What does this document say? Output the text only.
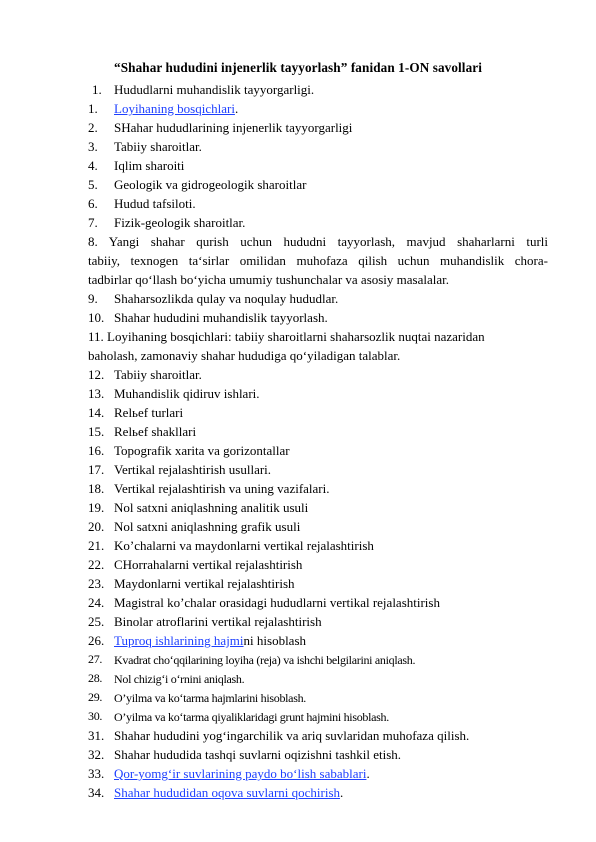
“Shahar hududini injenerlik tayyorlash” fanidan 1-ON savollari
1. Hududlarni muhandislik tayyorgarligi.
1.	Loyihaning bosqichlari.
2.	SHahar hududlarining injenerlik tayyorgarligi
3.	Tabiiy sharoitlar.
4.	Iqlim sharoiti
5.	Geologik va gidrogeologik sharoitlar
6.	Hudud tafsiloti.
7.	Fizik-geologik sharoitlar.
8. Yangi shahar qurish uchun hududni tayyorlash, mavjud shaharlarni turli
tabiiy, texnogen ta‘sirlar omilidan muhofaza qilish uchun muhandislik chora-
tadbirlar qo‘llash bo‘yicha umumiy tushunchalar va asosiy masalalar.
9.	Shaharsozlikda qulay va noqulay hududlar.
10. Shahar hududini muhandislik tayyorlash.
11. Loyihaning bosqichlari: tabiiy sharoitlarni shaharsozlik nuqtai nazaridan
baholash, zamonaviy shahar hududiga qo‘yiladigan talablar.
12. Tabiiy sharoitlar.
13. Muhandislik qidiruv ishlari.
14. Relьef turlari
15. Relьef shakllari
16. Topografik xarita va gorizontallar
17. Vertikal rejalashtirish usullari.
18. Vertikal rejalashtirish va uning vazifalari.
19. Nol satxni aniqlashning analitik usuli
20. Nol satxni aniqlashning grafik usuli
21. Ko’chalarni va maydonlarni vertikal rejalashtirish
22. CHorrahalarni vertikal rejalashtirish
23. Maydonlarni vertikal rejalashtirish
24. Magistral ko’chalar orasidagi hududlarni vertikal rejalashtirish
25. Binolar atroflarini vertikal rejalashtirish
26. Tuproq ishlarining hajmini hisoblash
27. Kvadrat cho‘qqilarining loyiha (reja) va ishchi belgilarini aniqlash.
28. Nol chizig‘i o‘rnini aniqlash.
29. O’yilma va ko‘tarma hajmlarini hisoblash.
30. O’yilma va ko‘tarma qiyaliklaridagi grunt hajmini hisoblash.
31. Shahar hududini yog‘ingarchilik va ariq suvlaridan muhofaza qilish.
32. Shahar hududida tashqi suvlarni oqizishni tashkil etish.
33. Qor-yomg‘ir suvlarining paydo bo‘lish sabablari.
34. Shahar hududidan oqova suvlarni qochirish.
